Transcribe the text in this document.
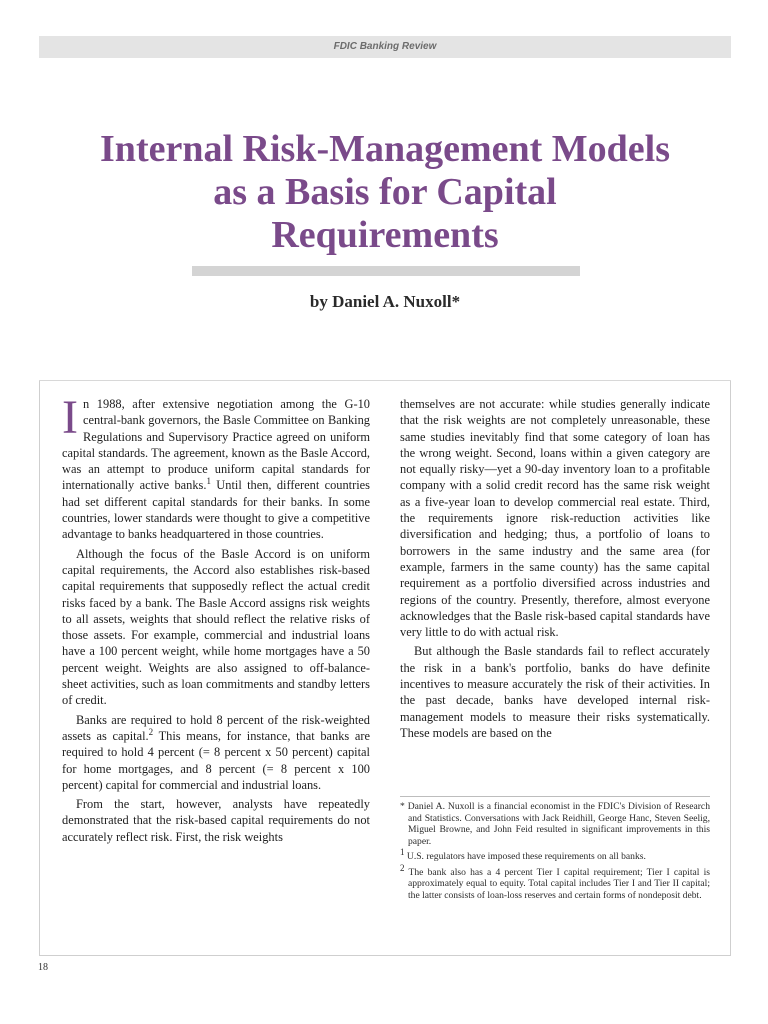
FDIC Banking Review
Internal Risk-Management Models as a Basis for Capital Requirements
by Daniel A. Nuxoll*

In 1988, after extensive negotiation among the G-10 central-bank governors, the Basle Committee on Banking Regulations and Supervisory Practice agreed on uniform capital standards. The agreement, known as the Basle Accord, was an attempt to produce uniform capital standards for internationally active banks.$^1$ Until then, different countries had set different capital standards for their banks. In some countries, lower standards were thought to give a competitive advantage to banks headquartered in those countries.

Although the focus of the Basle Accord is on uniform capital requirements, the Accord also establishes risk-based capital requirements that supposedly reflect the actual credit risks faced by a bank. The Basle Accord assigns risk weights to all assets, weights that should reflect the relative risks of those assets. For example, commercial and industrial loans have a 100 percent weight, while home mortgages have a 50 percent weight. Weights are also assigned to off-balance-sheet activities, such as loan commitments and standby letters of credit.

Banks are required to hold 8 percent of the risk-weighted assets as capital.$^2$ This means, for instance, that banks are required to hold 4 percent (= 8 percent x 50 percent) capital for home mortgages, and 8 percent (= 8 percent x 100 percent) capital for commercial and industrial loans.

From the start, however, analysts have repeatedly demonstrated that the risk-based capital requirements do not accurately reflect risk. First, the risk weights

themselves are not accurate: while studies generally indicate that the risk weights are not completely unreasonable, these same studies inevitably find that some category of loan has the wrong weight. Second, loans within a given category are not equally risky—yet a 90-day inventory loan to a profitable company with a solid credit record has the same risk weight as a five-year loan to develop commercial real estate. Third, the requirements ignore risk-reduction activities like diversification and hedging; thus, a portfolio of loans to borrowers in the same industry and the same area (for example, farmers in the same county) has the same capital requirement as a portfolio diversified across industries and regions of the country. Presently, therefore, almost everyone acknowledges that the Basle risk-based capital standards have very little to do with actual risk.

But although the Basle standards fail to reflect accurately the risk in a bank's portfolio, banks do have definite incentives to measure accurately the risk of their activities. In the past decade, banks have developed internal risk-management models to measure their risks systematically. These models are based on the

* Daniel A. Nuxoll is a financial economist in the FDIC's Division of Research and Statistics. Conversations with Jack Reidhill, George Hanc, Steven Seelig, Miguel Browne, and John Feid resulted in significant improvements in this paper.

$^1$ U.S. regulators have imposed these requirements on all banks.

$^2$ The bank also has a 4 percent Tier I capital requirement; Tier I capital is approximately equal to equity. Total capital includes Tier I and Tier II capital; the latter consists of loan-loss reserves and certain forms of nondeposit debt.

18
